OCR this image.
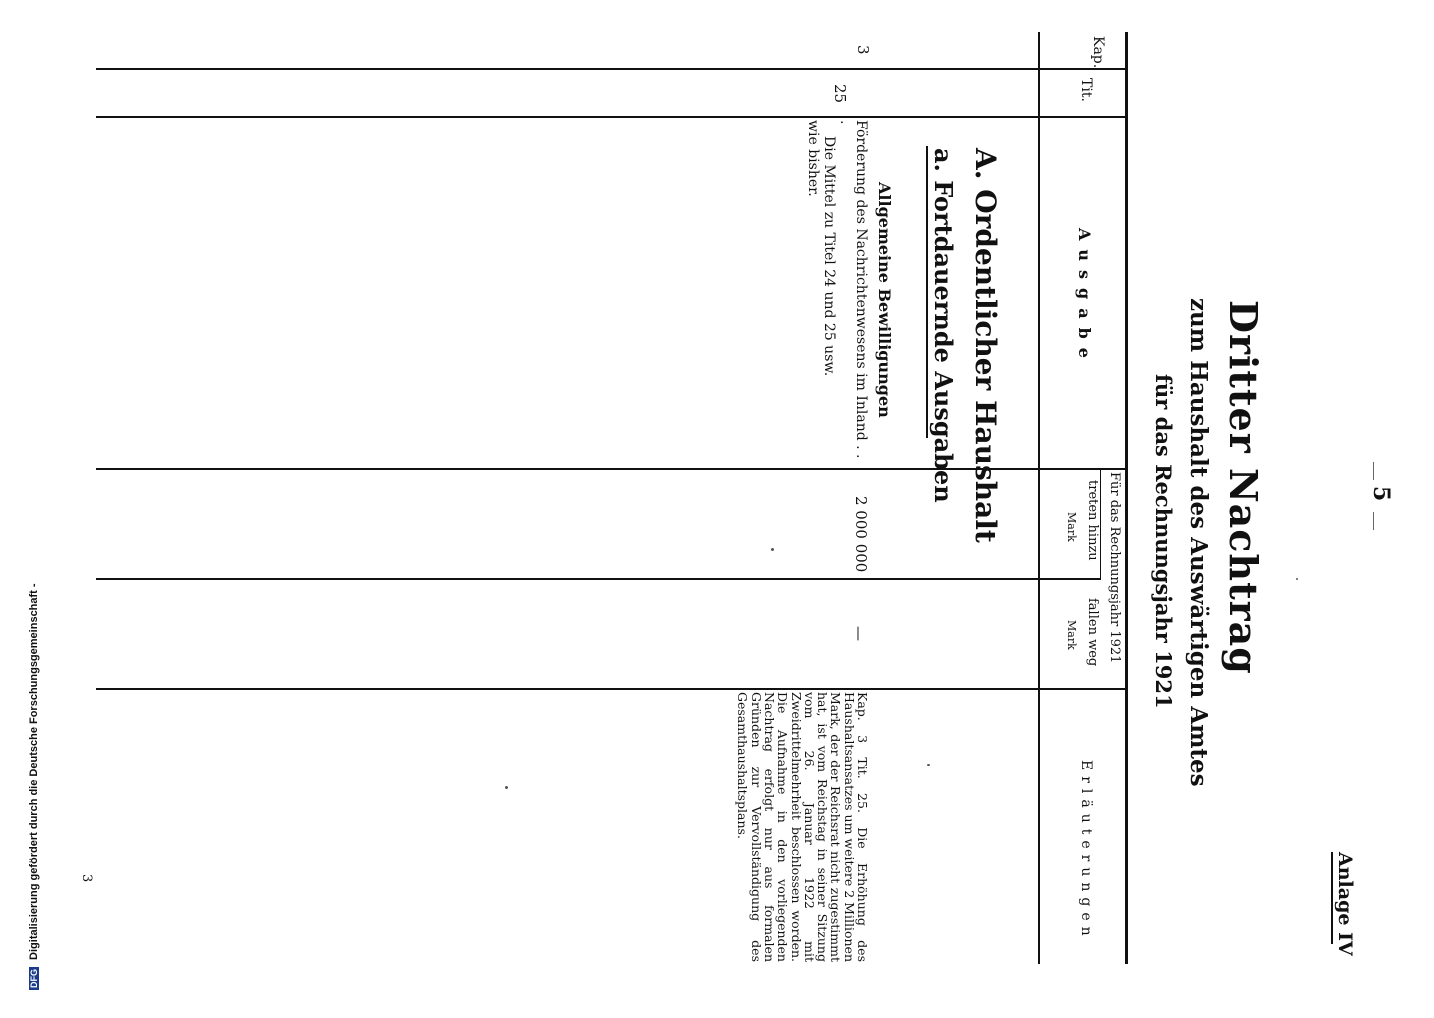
Anlage IV
5
Dritter Nachtrag
zum Haushalt des Auswärtigen Amtes
für das Rechnungsjahr 1921
Kap.
Tit.
Ausgabe
Für das Rechnungsjahr 1921
treten hinzu
fallen weg
Mark
Mark
Erläuterungen
A. Ordentlicher Haushalt
a. Fortdauernde Ausgaben
Allgemeine Bewilligungen
3
25

Förderung des Nachrichtenwesens im Inland . . .

Die Mittel zu Titel 24 und 25 usw.

wie bisher.

2 000 000
—
Kap. 3 Tit. 25. Die Erhöhung des Haushaltsansatzes um weitere 2 Millionen Mark, der der Reichsrat nicht zugestimmt hat, ist vom Reichstag in seiner Sitzung vom 26. Januar 1922 mit Zweidrittelmehrheit beschlossen worden. Die Aufnahme in den vorliegenden Nachtrag erfolgt nur aus formalen Gründen zur Vervollständigung des Gesamthaushaltsplans.
3
DFG Digitalisierung gefördert durch die Deutsche Forschungsgemeinschaft -
